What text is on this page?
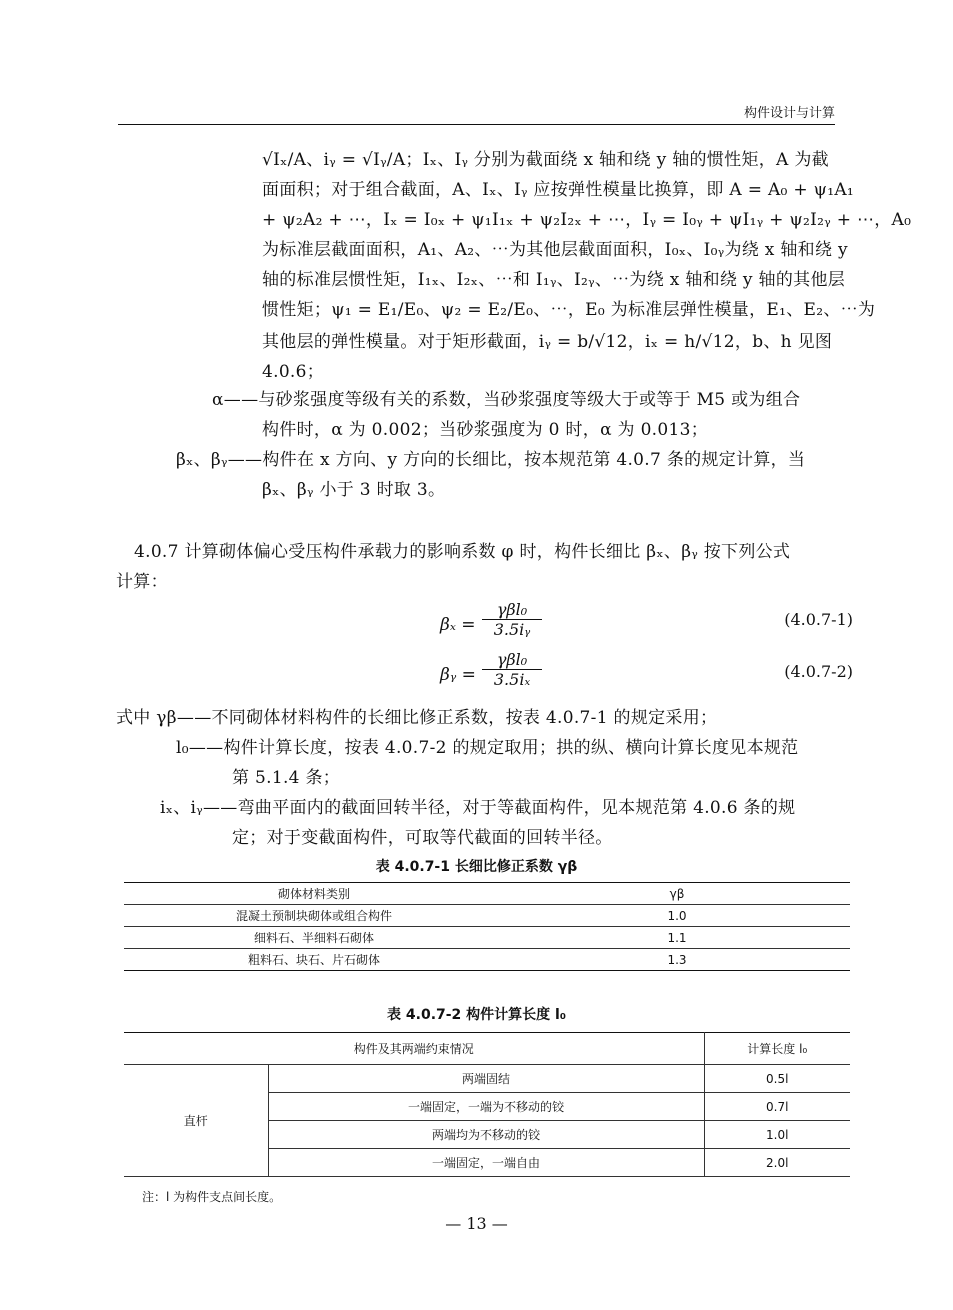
构件设计与计算
√Iₓ/A、iᵧ = √Iᵧ/A；Iₓ、Iᵧ 分别为截面绕 x 轴和绕 y 轴的惯性矩，A 为截
面面积；对于组合截面，A、Iₓ、Iᵧ 应按弹性模量比换算，即 A = A₀ + ψ₁A₁
+ ψ₂A₂ + ⋯，Iₓ = I₀ₓ + ψ₁I₁ₓ + ψ₂I₂ₓ + ⋯，Iᵧ = I₀ᵧ + ψI₁ᵧ + ψ₂I₂ᵧ + ⋯，A₀
为标准层截面面积，A₁、A₂、⋯为其他层截面面积，I₀ₓ、I₀ᵧ为绕 x 轴和绕 y
轴的标准层惯性矩，I₁ₓ、I₂ₓ、⋯和 I₁ᵧ、I₂ᵧ、⋯为绕 x 轴和绕 y 轴的其他层
惯性矩；ψ₁ = E₁/E₀、ψ₂ = E₂/E₀、⋯，E₀ 为标准层弹性模量，E₁、E₂、⋯为
其他层的弹性模量。对于矩形截面，iᵧ = b/√12，iₓ = h/√12，b、h 见图
4.0.6；
α——与砂浆强度等级有关的系数，当砂浆强度等级大于或等于 M5 或为组合
构件时，α 为 0.002；当砂浆强度为 0 时，α 为 0.013；
βₓ、βᵧ——构件在 x 方向、y 方向的长细比，按本规范第 4.0.7 条的规定计算，当
βₓ、βᵧ 小于 3 时取 3。
4.0.7 计算砌体偏心受压构件承载力的影响系数 φ 时，构件长细比 βₓ、βᵧ 按下列公式
计算：
βₓ =
γβl₀
3.5iᵧ
(4.0.7-1)
βᵧ =
γβl₀
3.5iₓ	(4.0.7-2)
式中 γβ——不同砌体材料构件的长细比修正系数，按表 4.0.7-1 的规定采用；
l₀——构件计算长度，按表 4.0.7-2 的规定取用；拱的纵、横向计算长度见本规范
第 5.1.4 条；
iₓ、iᵧ——弯曲平面内的截面回转半径，对于等截面构件，见本规范第 4.0.6 条的规
定；对于变截面构件，可取等代截面的回转半径。
表 4.0.7-1 长细比修正系数 γβ
砌体材料类别	γβ
混凝土预制块砌体或组合构件	1.0
细料石、半细料石砌体	1.1
粗料石、块石、片石砌体	1.3
表 4.0.7-2 构件计算长度 l₀
构件及其两端约束情况		计算长度 l₀
直杆	两端固结	0.5l
	一端固定，一端为不移动的铰	0.7l
	两端均为不移动的铰	1.0l
	一端固定，一端自由	2.0l
注：l 为构件支点间长度。
— 13 —
